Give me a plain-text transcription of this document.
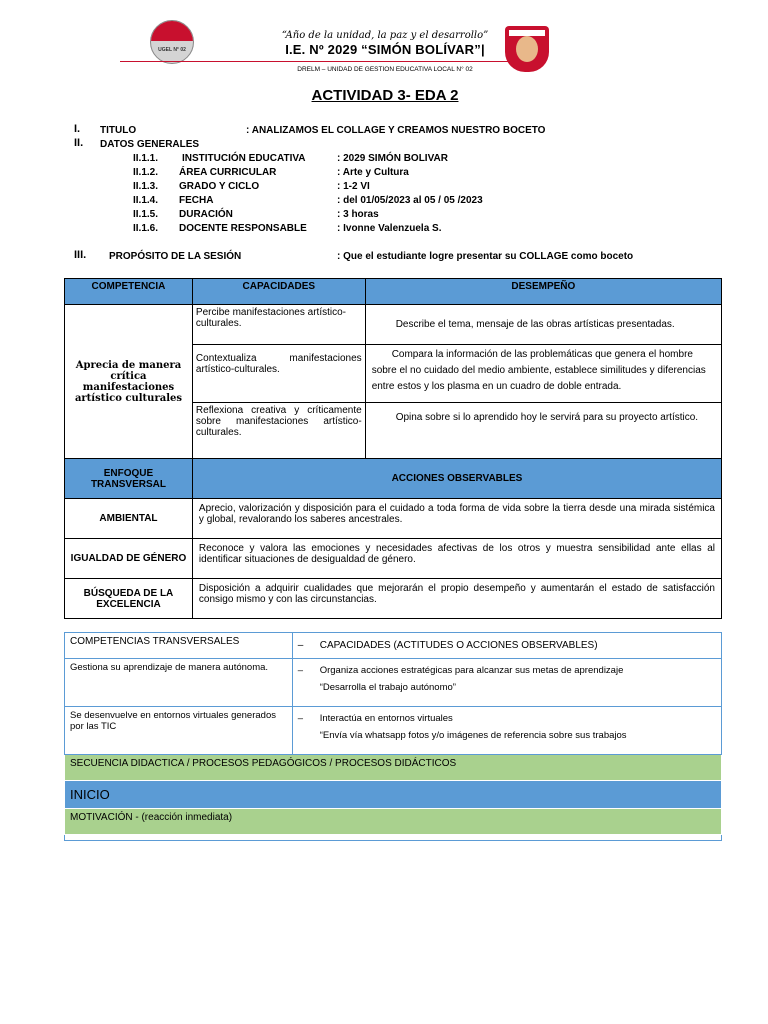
UGEL N° 02
“Año de la unidad, la paz y el desarrollo”
I.E. Nº 2029 “SIMÓN BOLÍVAR”|
DRELM – UNIDAD DE GESTION EDUCATIVA LOCAL N° 02
ACTIVIDAD 3- EDA 2
I. TITULO	: ANALIZAMOS EL COLLAGE Y CREAMOS NUESTRO BOCETO
II. DATOS GENERALES
II.1.1. INSTITUCIÓN EDUCATIVA	: 2029 SIMÓN BOLIVAR
II.1.2. ÁREA CURRICULAR	: Arte y Cultura
II.1.3. GRADO Y CICLO	: 1-2 VI
II.1.4. FECHA	: del 01/05/2023 al 05 / 05 /2023
II.1.5. DURACIÓN	: 3 horas
II.1.6. DOCENTE RESPONSABLE	: Ivonne Valenzuela S.
III. PROPÓSITO DE LA SESIÓN	: Que el estudiante logre presentar su COLLAGE como boceto
COMPETENCIA	CAPACIDADES	DESEMPEÑO
Aprecia de manera crítica manifestaciones artístico culturales	Percibe manifestaciones artístico-culturales.	Describe el tema, mensaje de las obras artísticas presentadas.
	Contextualiza manifestaciones artístico-culturales.	Compara la información de las problemáticas que genera el hombre sobre el no cuidado del medio ambiente, establece similitudes y diferencias entre estos y los plasma en un cuadro de doble entrada.
	Reflexiona creativa y críticamente sobre manifestaciones artístico-culturales.	Opina sobre si lo aprendido hoy le servirá para su proyecto artístico.
ENFOQUE TRANSVERSAL	ACCIONES OBSERVABLES	
AMBIENTAL	Aprecio, valorización y disposición para el cuidado a toda forma de vida sobre la tierra desde una mirada sistémica y global, revalorando los saberes ancestrales.	
IGUALDAD DE GÉNERO	Reconoce y valora las emociones y necesidades afectivas de los otros y muestra sensibilidad ante ellas al identificar situaciones de desigualdad de género.	
BÚSQUEDA DE LA EXCELENCIA	Disposición a adquirir cualidades que mejorarán el propio desempeño y aumentarán el estado de satisfacción consigo mismo y con las circunstancias.	
COMPETENCIAS TRANSVERSALES	– CAPACIDADES (ACTITUDES O ACCIONES OBSERVABLES)
Gestiona su aprendizaje de manera autónoma.	– Organiza acciones estratégicas para alcanzar sus metas de aprendizaje
“Desarrolla el trabajo autónomo”
Se desenvuelve en entornos virtuales generados por las TIC	– Interactúa en entornos virtuales
“Envía vía whatsapp fotos y/o imágenes de referencia sobre sus trabajos
SECUENCIA DIDACTICA / PROCESOS PEDAGÓGICOS / PROCESOS DIDÁCTICOS	
INICIO	
MOTIVACIÓN - (reacción inmediata)	
